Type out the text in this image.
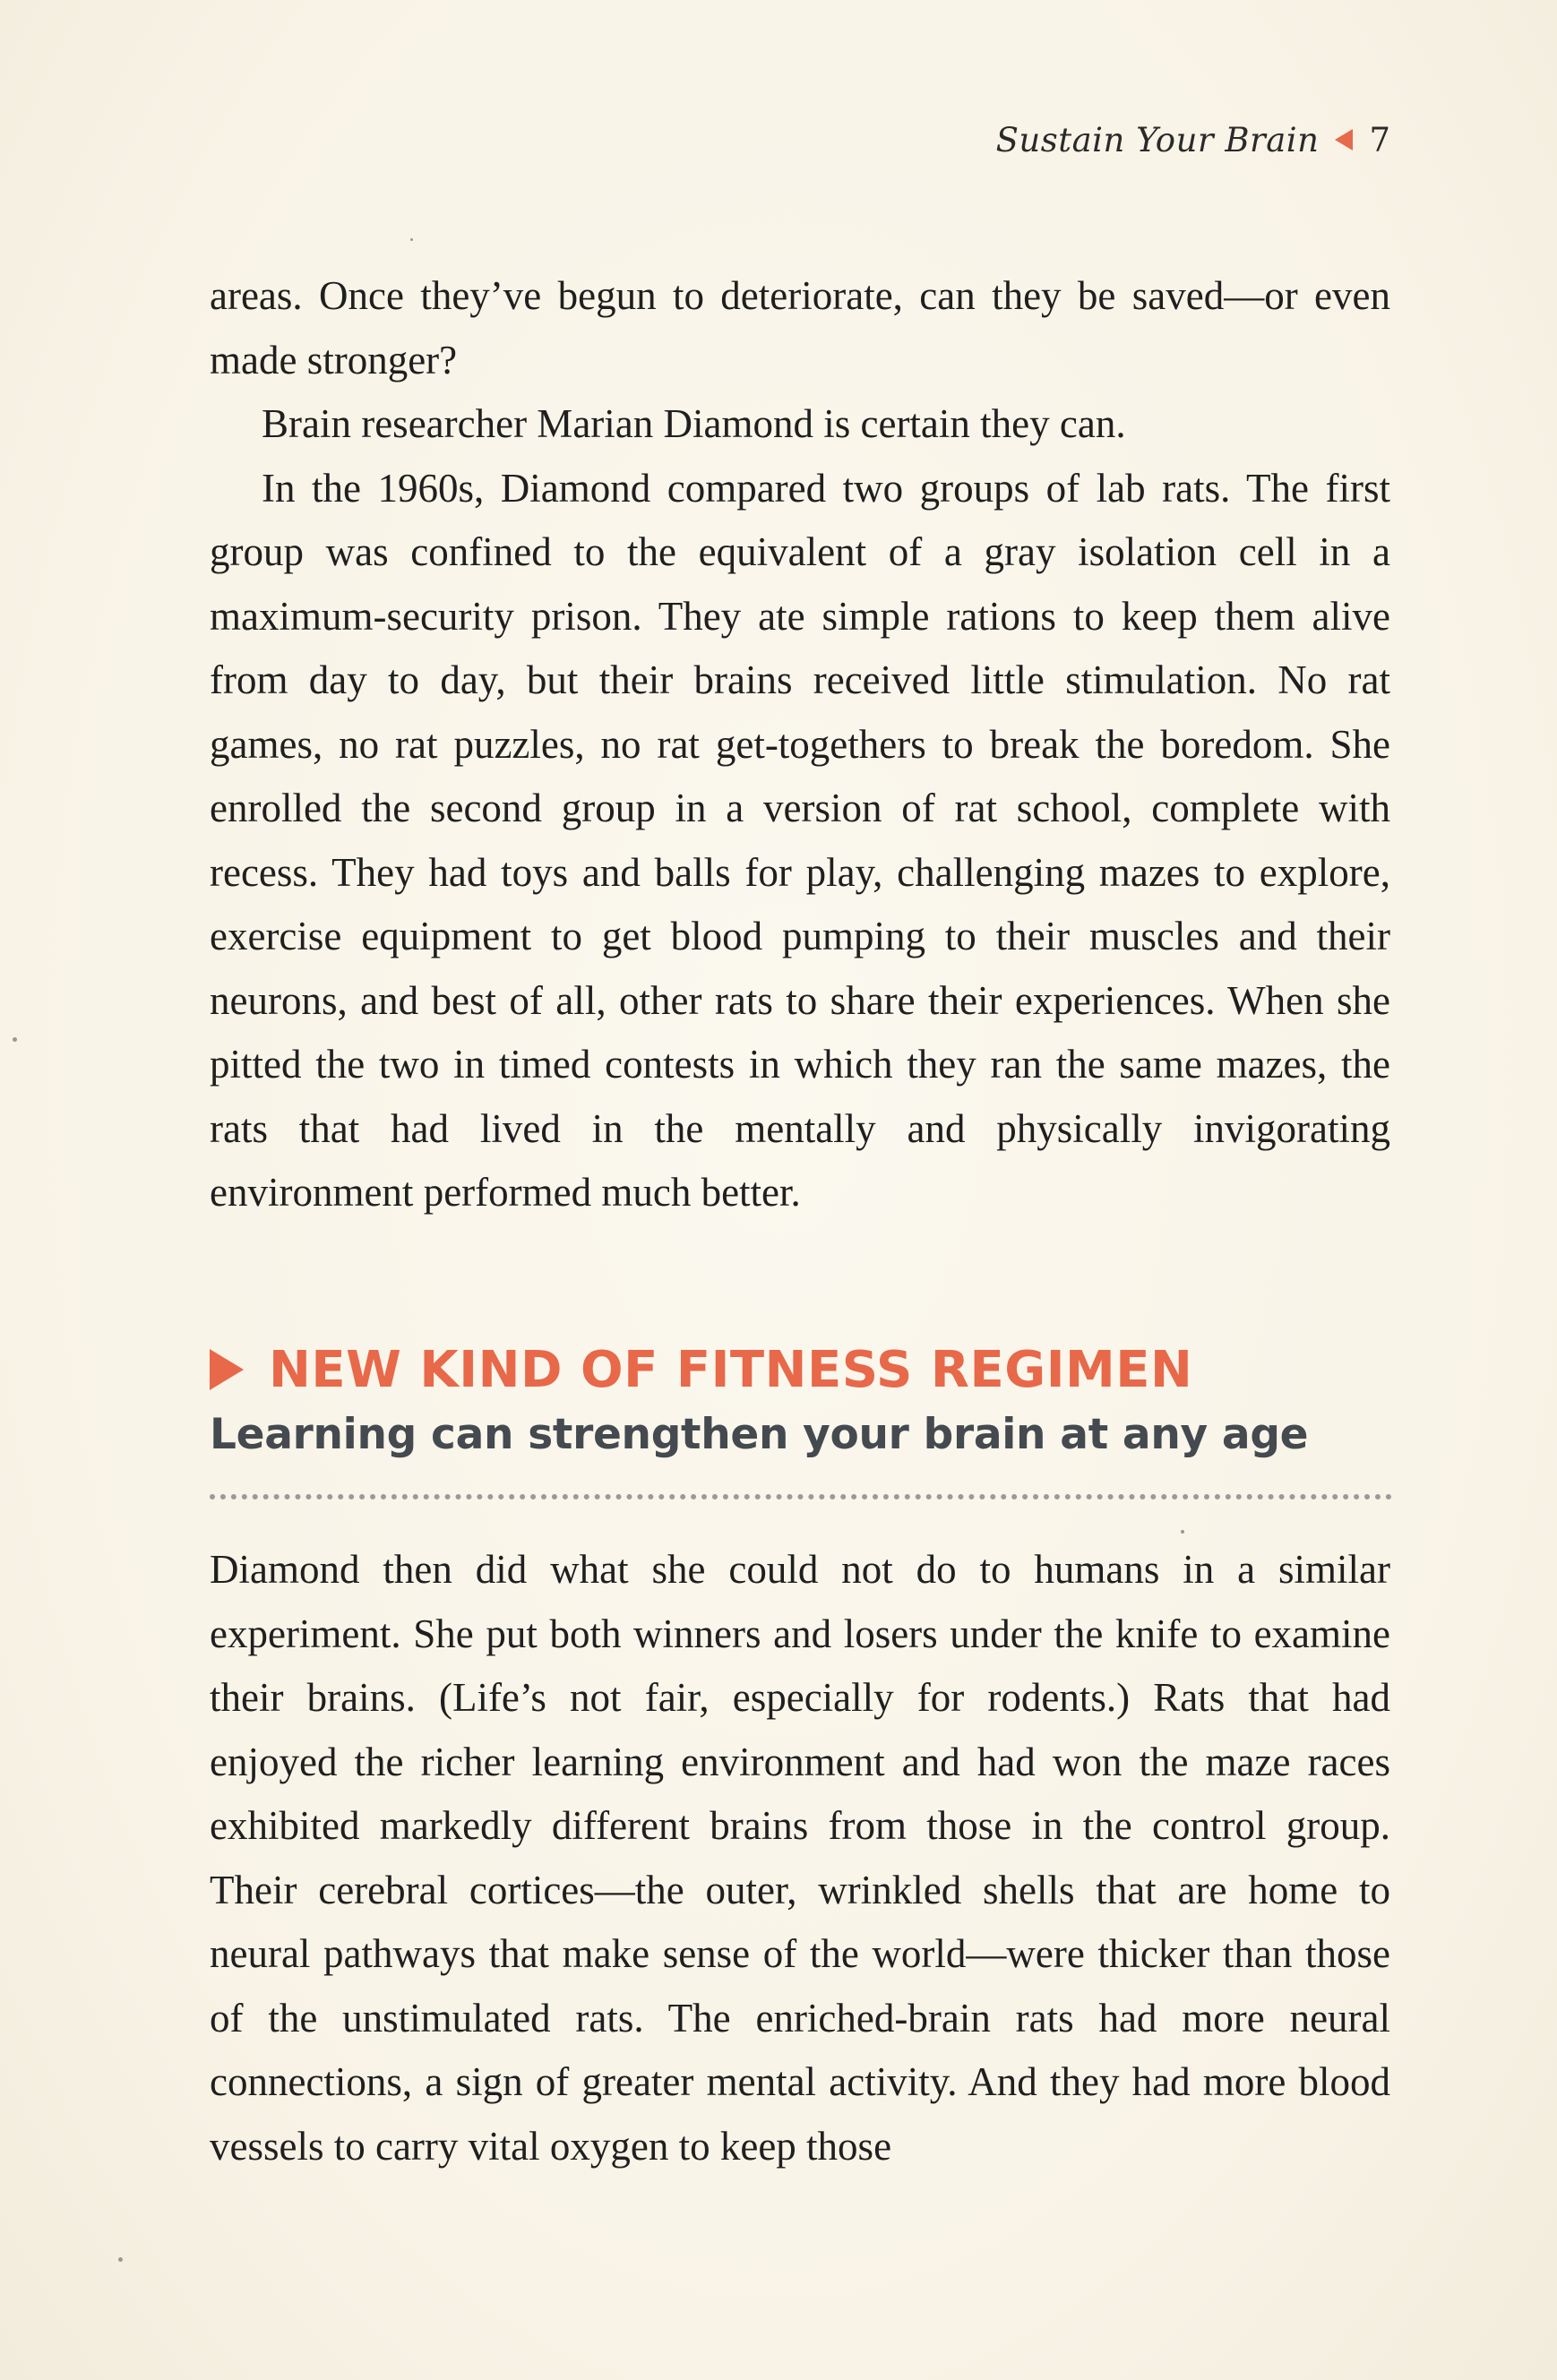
Sustain Your Brain 7

areas. Once they’ve begun to deteriorate, can they be saved—or even made stronger?

Brain researcher Marian Diamond is certain they can.

In the 1960s, Diamond compared two groups of lab rats. The first group was confined to the equivalent of a gray isolation cell in a maximum-security prison. They ate simple rations to keep them alive from day to day, but their brains received little stimulation. No rat games, no rat puzzles, no rat get-togethers to break the boredom. She enrolled the second group in a version of rat school, complete with recess. They had toys and balls for play, challenging mazes to explore, exercise equipment to get blood pumping to their muscles and their neurons, and best of all, other rats to share their experiences. When she pitted the two in timed contests in which they ran the same mazes, the rats that had lived in the mentally and physically invigorating environment performed much better.

NEW KIND OF FITNESS REGIMEN
Learning can strengthen your brain at any age

Diamond then did what she could not do to humans in a similar experiment. She put both winners and losers under the knife to examine their brains. (Life’s not fair, especially for rodents.) Rats that had enjoyed the richer learning environment and had won the maze races exhibited markedly different brains from those in the control group. Their cerebral cortices—the outer, wrinkled shells that are home to neural pathways that make sense of the world—were thicker than those of the unstimulated rats. The enriched-brain rats had more neural connections, a sign of greater mental activity. And they had more blood vessels to carry vital oxygen to keep those
